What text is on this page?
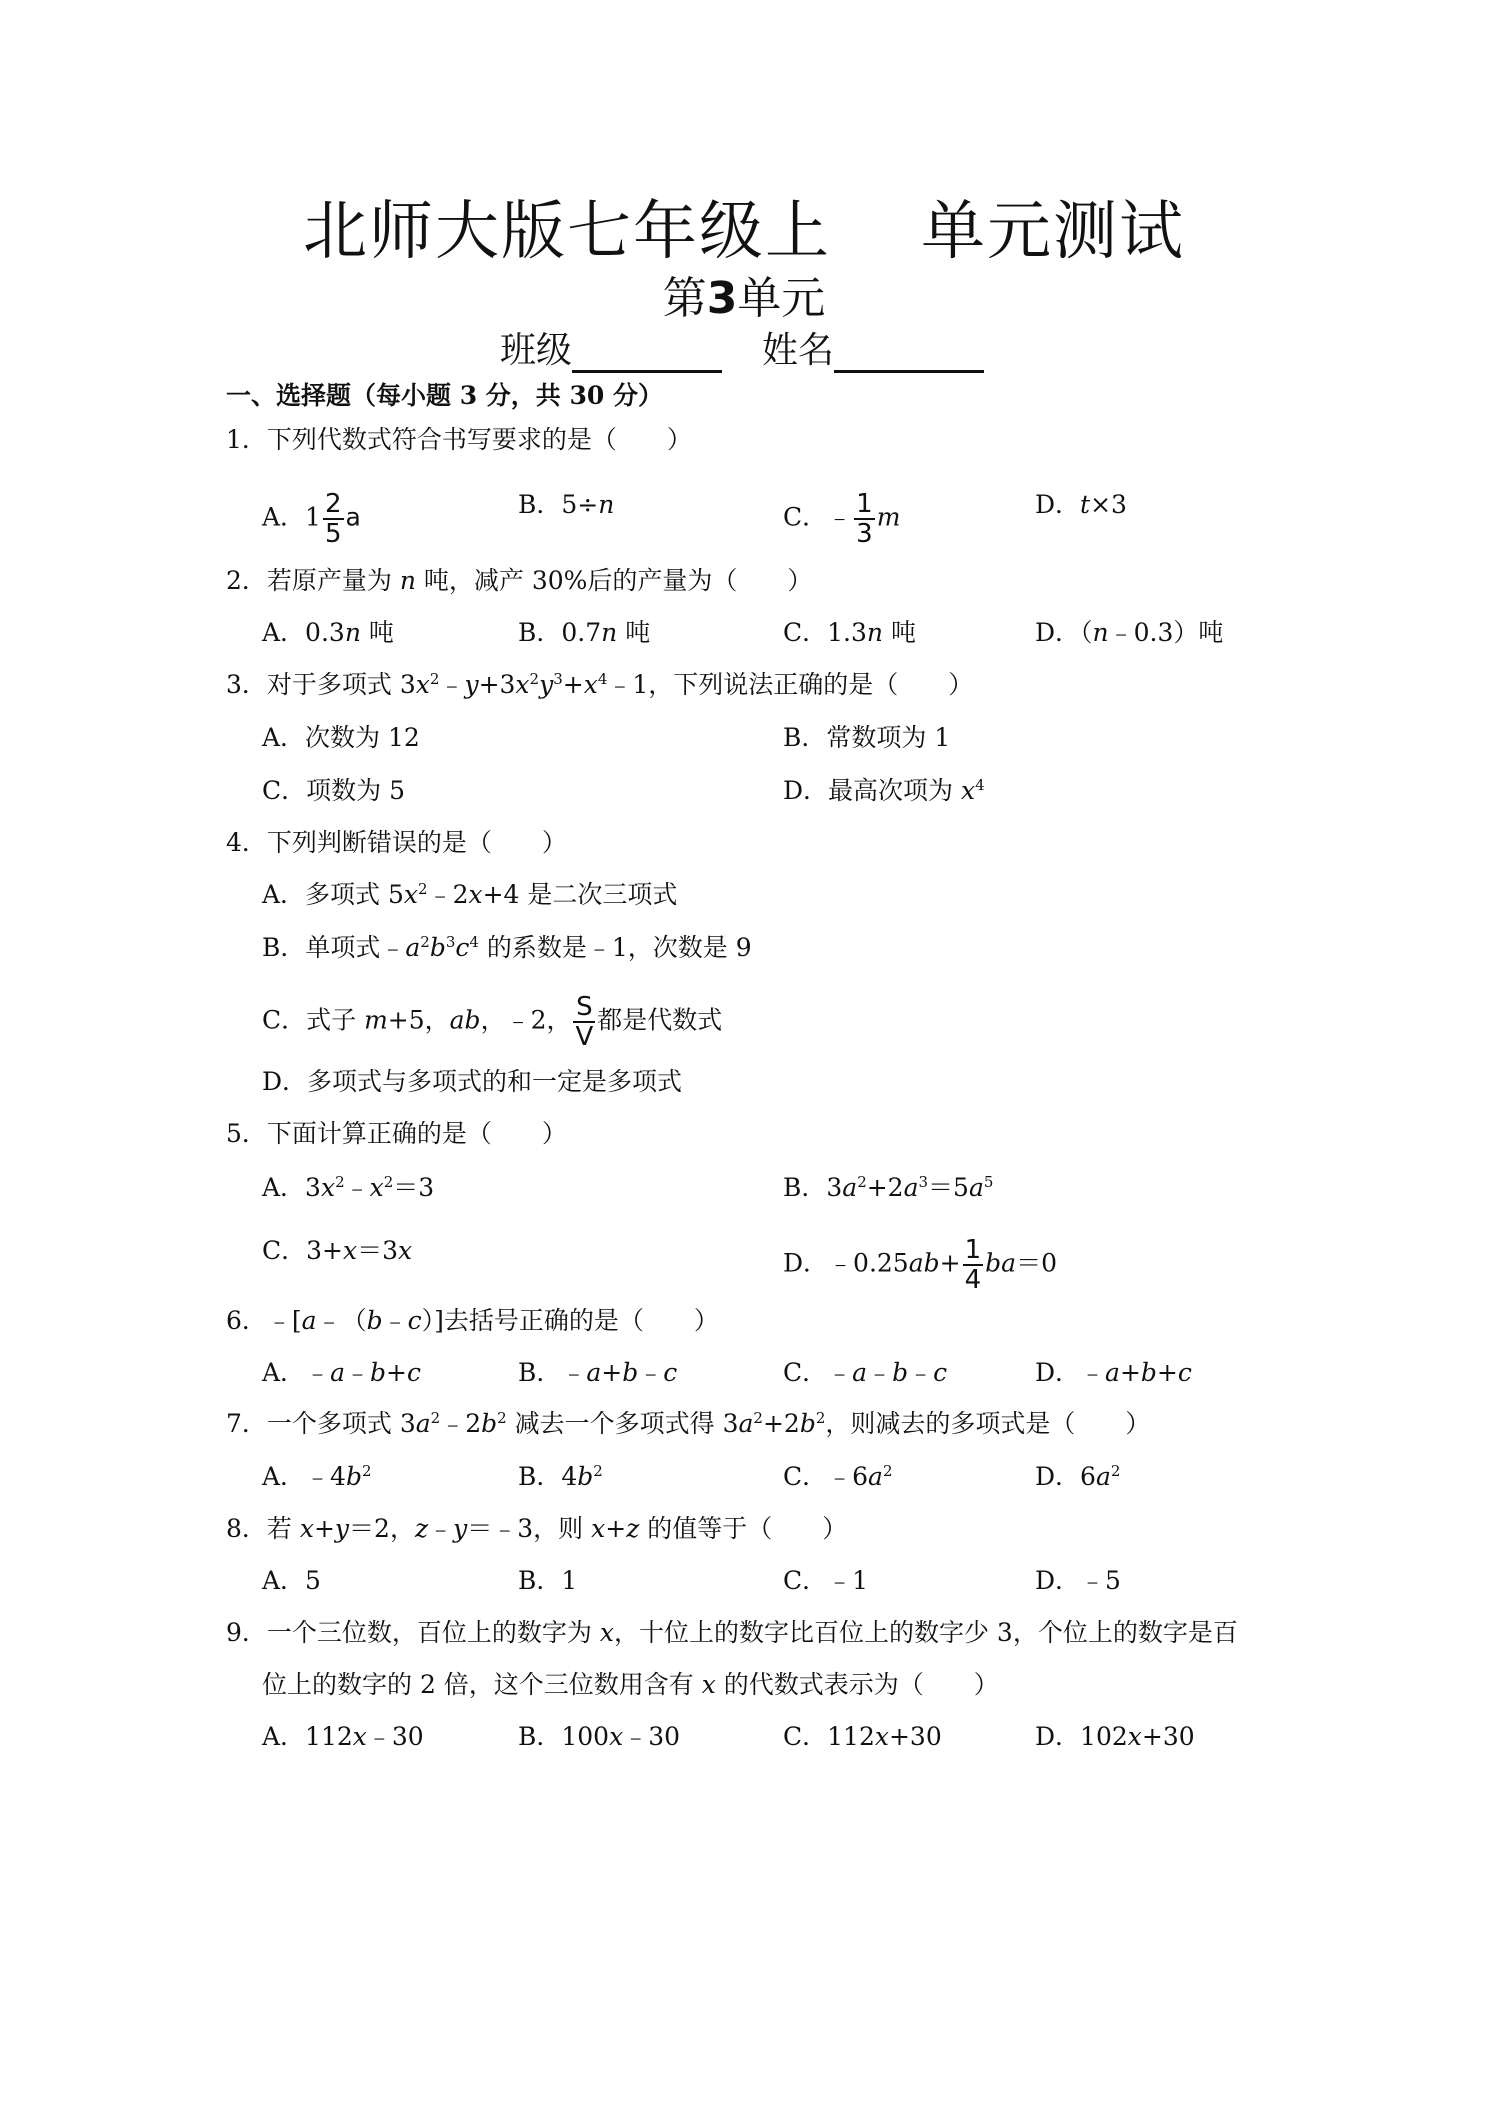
北师大版七年级上 单元测试
第3单元
班级	姓名
一、选择题（每小题 3 分，共 30 分）
1．下列代数式符合书写要求的是（　　）
A．$1 \frac{2}{5}$ a	B．5÷n	C．﹣ $\frac{1}{3}$ m	D．t×3
2．若原产量为 n 吨，减产 30%后的产量为（　　）
A．0.3n 吨	B．0.7n 吨	C．1.3n 吨	D．（n﹣0.3）吨
3．对于多项式 $3x^2﹣y+3x^2y^3+x^4﹣1$，下列说法正确的是（　　）
A．次数为 12	B．常数项为 1
C．项数为 5	D．最高次项为 $x^4$
4．下列判断错误的是（　　）
A．多项式 $5x^2﹣2x+4$ 是二次三项式
B．单项式$﹣a^2b^3c^4$ 的系数是﹣1，次数是 9
C．式子 m+5，ab，﹣2， $\frac{S}{V}$ 都是代数式
D．多项式与多项式的和一定是多项式
5．下面计算正确的是（　　）
A．$3x^2﹣x^2=3$	B．$3a^2+2a^3=5a^5$
C．3+x＝3x	D．﹣0.25ab+ $\frac{1}{4} ba=0$
6．﹣[a﹣（b﹣c）]去括号正确的是（　　）
A．﹣a﹣b+c	B．﹣a+b﹣c	C．﹣a﹣b﹣c	D．﹣a+b+c
7．一个多项式 $3a^2﹣2b^2$ 减去一个多项式得 $3a^2+2b^2$，则减去的多项式是（　　）
A．$﹣4b^2$	B．$4b^2$	C．$﹣6a^2$	D．$6a^2$
8．若 x+y＝2，z﹣y＝﹣3，则 x+z 的值等于（　　）
A．5	B．1	C．﹣1	D．﹣5
9．一个三位数，百位上的数字为 x，十位上的数字比百位上的数字少 3，个位上的数字是百
位上的数字的 2 倍，这个三位数用含有 x 的代数式表示为（　　）
A．112x﹣30	B．100x﹣30	C．112x+30	D．102x+30
